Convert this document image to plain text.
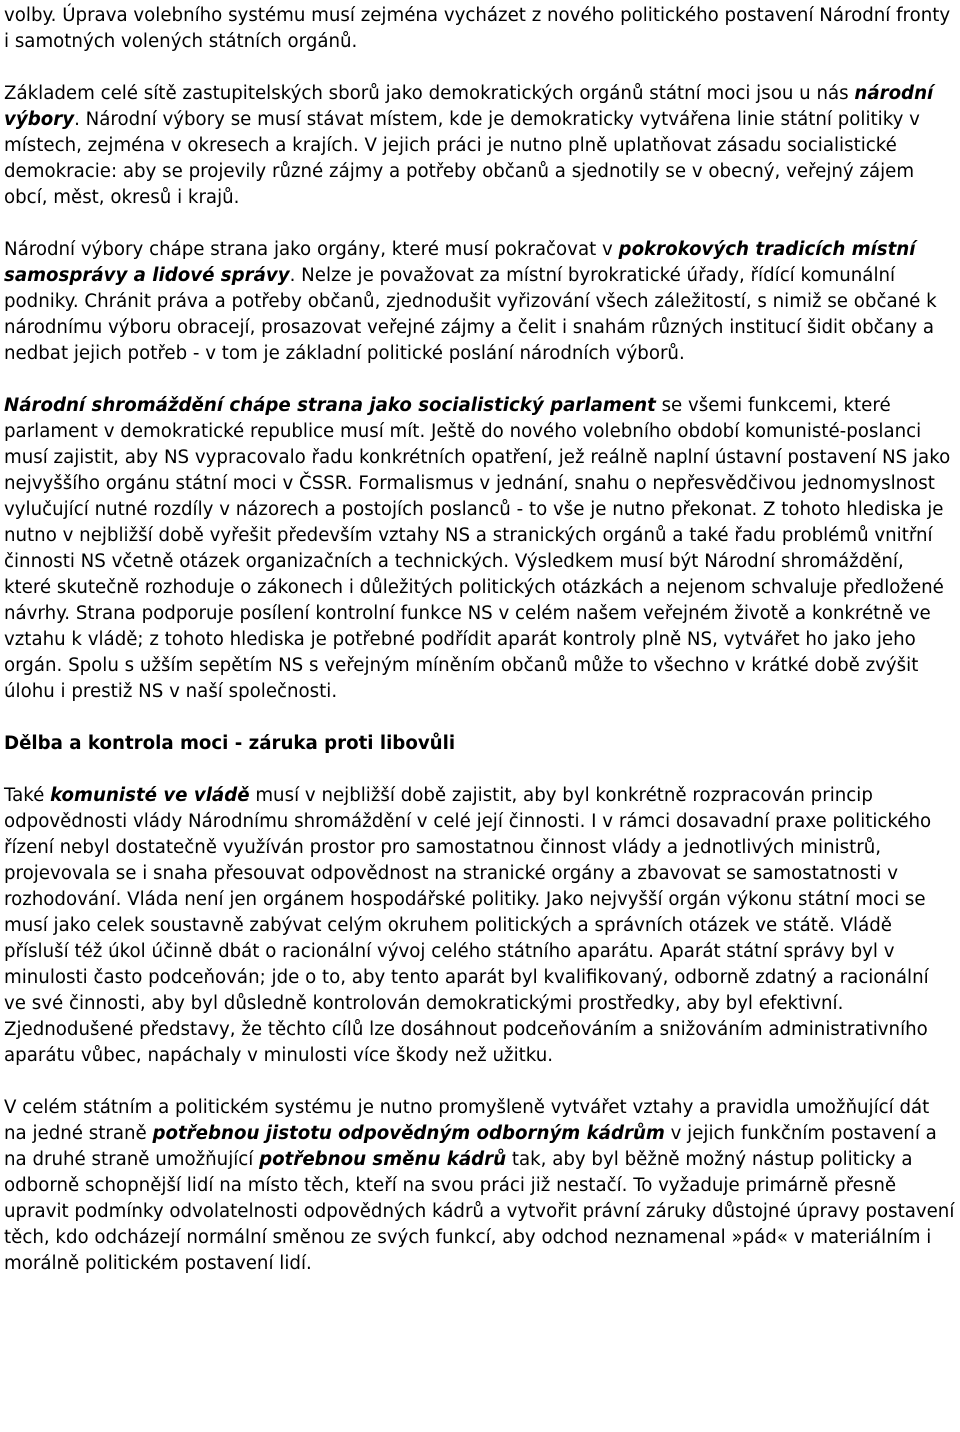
volby. Úprava volebního systému musí zejména vycházet z nového politického postavení Národní fronty i samotných volených státních orgánů.

Základem celé sítě zastupitelských sborů jako demokratických orgánů státní moci jsou u nás národní výbory. Národní výbory se musí stávat místem, kde je demokraticky vytvářena linie státní politiky v místech, zejména v okresech a krajích. V jejich práci je nutno plně uplatňovat zásadu socialistické demokracie: aby se projevily různé zájmy a potřeby občanů a sjednotily se v obecný, veřejný zájem obcí, měst, okresů i krajů.

Národní výbory chápe strana jako orgány, které musí pokračovat v pokrokových tradicích místní samosprávy a lidové správy. Nelze je považovat za místní byrokratické úřady, řídící komunální podniky. Chránit práva a potřeby občanů, zjednodušit vyřizování všech záležitostí, s nimiž se občané k národnímu výboru obracejí, prosazovat veřejné zájmy a čelit i snahám různých institucí šidit občany a nedbat jejich potřeb - v tom je základní politické poslání národních výborů.

Národní shromáždění chápe strana jako socialistický parlament se všemi funkcemi, které parlament v demokratické republice musí mít. Ještě do nového volebního období komunisté-poslanci musí zajistit, aby NS vypracovalo řadu konkrétních opatření, jež reálně naplní ústavní postavení NS jako nejvyššího orgánu státní moci v ČSSR. Formalismus v jednání, snahu o nepřesvědčivou jednomyslnost vylučující nutné rozdíly v názorech a postojích poslanců - to vše je nutno překonat. Z tohoto hlediska je nutno v nejbližší době vyřešit především vztahy NS a stranických orgánů a také řadu problémů vnitřní činnosti NS včetně otázek organizačních a technických. Výsledkem musí být Národní shromáždění, které skutečně rozhoduje o zákonech i důležitých politických otázkách a nejenom schvaluje předložené návrhy. Strana podporuje posílení kontrolní funkce NS v celém našem veřejném životě a konkrétně ve vztahu k vládě; z tohoto hlediska je potřebné podřídit aparát kontroly plně NS, vytvářet ho jako jeho orgán. Spolu s užším sepětím NS s veřejným míněním občanů může to všechno v krátké době zvýšit úlohu i prestiž NS v naší společnosti.

Dělba a kontrola moci - záruka proti libovůli

Také komunisté ve vládě musí v nejbližší době zajistit, aby byl konkrétně rozpracován princip odpovědnosti vlády Národnímu shromáždění v celé její činnosti. I v rámci dosavadní praxe politického řízení nebyl dostatečně využíván prostor pro samostatnou činnost vlády a jednotlivých ministrů, projevovala se i snaha přesouvat odpovědnost na stranické orgány a zbavovat se samostatnosti v rozhodování. Vláda není jen orgánem hospodářské politiky. Jako nejvyšší orgán výkonu státní moci se musí jako celek soustavně zabývat celým okruhem politických a správních otázek ve státě. Vládě přísluší též úkol účinně dbát o racionální vývoj celého státního aparátu. Aparát státní správy byl v minulosti často podceňován; jde o to, aby tento aparát byl kvalifikovaný, odborně zdatný a racionální ve své činnosti, aby byl důsledně kontrolován demokratickými prostředky, aby byl efektivní. Zjednodušené představy, že těchto cílů lze dosáhnout podceňováním a snižováním administrativního aparátu vůbec, napáchaly v minulosti více škody než užitku.

V celém státním a politickém systému je nutno promyšleně vytvářet vztahy a pravidla umožňující dát na jedné straně potřebnou jistotu odpovědným odborným kádrům v jejich funkčním postavení a na druhé straně umožňující potřebnou směnu kádrů tak, aby byl běžně možný nástup politicky a odborně schopnější lidí na místo těch, kteří na svou práci již nestačí. To vyžaduje primárně přesně upravit podmínky odvolatelnosti odpovědných kádrů a vytvořit právní záruky důstojné úpravy postavení těch, kdo odcházejí normální směnou ze svých funkcí, aby odchod neznamenal »pád« v materiálním i morálně politickém postavení lidí.
